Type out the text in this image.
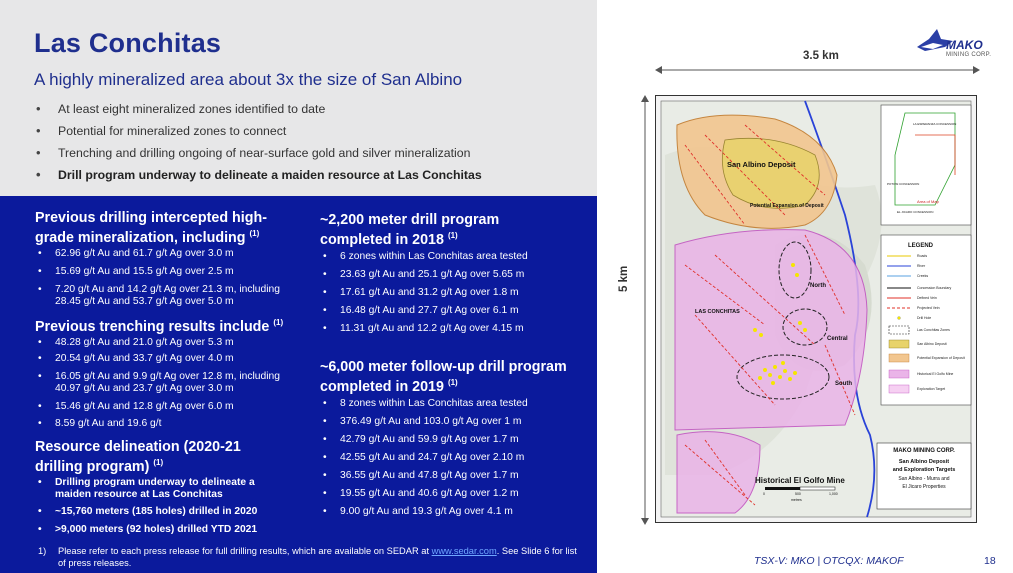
Las Conchitas
A highly mineralized area about 3x the size of San Albino
• At least eight mineralized zones identified to date
• Potential for mineralized zones to connect
• Trenching and drilling ongoing of near-surface gold and silver mineralization
• Drill program underway to delineate a maiden resource at Las Conchitas
Previous drilling intercepted high-grade mineralization, including $^{(1)}$
• 62.96 g/t Au and 61.7 g/t Ag over 3.0 m
• 15.69 g/t Au and 15.5 g/t Ag over 2.5 m
• 7.20 g/t Au and 14.2 g/t Ag over 21.3 m, including 28.45 g/t Au and 53.7 g/t Ag over 5.0 m
Previous trenching results include $^{(1)}$
• 48.28 g/t Au and 21.0 g/t Ag over 5.3 m
• 20.54 g/t Au and 33.7 g/t Ag over 4.0 m
• 16.05 g/t Au and 9.9 g/t Ag over 12.8 m, including 40.97 g/t Au and 23.7 g/t Ag over 3.0 m
• 15.46 g/t Au and 12.8 g/t Ag over 6.0 m
• 8.59 g/t Au and 19.6 g/t
Resource delineation (2020-21 drilling program) $^{(1)}$
• Drilling program underway to delineate a maiden resource at Las Conchitas
• ~15,760 meters (185 holes) drilled in 2020
• >9,000 meters (92 holes) drilled YTD 2021
~2,200 meter drill program completed in 2018 $^{(1)}$
• 6 zones within Las Conchitas area tested
• 23.63 g/t Au and 25.1 g/t Ag over 5.65 m
• 17.61 g/t Au and 31.2 g/t Ag over 1.8 m
• 16.48 g/t Au and 27.7 g/t Ag over 6.1 m
• 11.31 g/t Au and 12.2 g/t Ag over 4.15 m
~6,000 meter follow-up drill program completed in 2019 $^{(1)}$
• 8 zones within Las Conchitas area tested
• 376.49 g/t Au and 103.0 g/t Ag over 1 m
• 42.79 g/t Au and 59.9 g/t Ag over 1.7 m
• 42.55 g/t Au and 24.7 g/t Ag over 2.10 m
• 36.55 g/t Au and 47.8 g/t Ag over 1.7 m
• 19.55 g/t Au and 40.6 g/t Ag over 1.2 m
• 9.00 g/t Au and 19.3 g/t Ag over 4.1 m
1) Please refer to each press release for full drilling results, which are available on SEDAR at www.sedar.com. See Slide 6 for list of press releases.	TSX-V: MKO | OTCQX: MAKOF	18
MAKO
MINING CORP.
3.5 km
5 km
San Albino Deposit
Potential Expansion of Deposit
LAS CONCHITAS
North
Central
South
Historical El Golfo Mine
LA ESPERANZA CONCESSION
POTOSI CONCESSION
EL JICARO CONCESSION
Area of Map
LEGEND
Roads
River
Creeks
Concession Boundary
Defined Vein
Projected Vein
Drill Hole
Las Conchitas Zones
San Albino Deposit
Potential Expansion of Deposit
Historical El Golfo Mine
Exploration Target
MAKO MINING CORP.
San Albino Deposit
and Exploration Targets
San Albino - Murra and
El Jicaro Properties
0	500	1,000
metres
